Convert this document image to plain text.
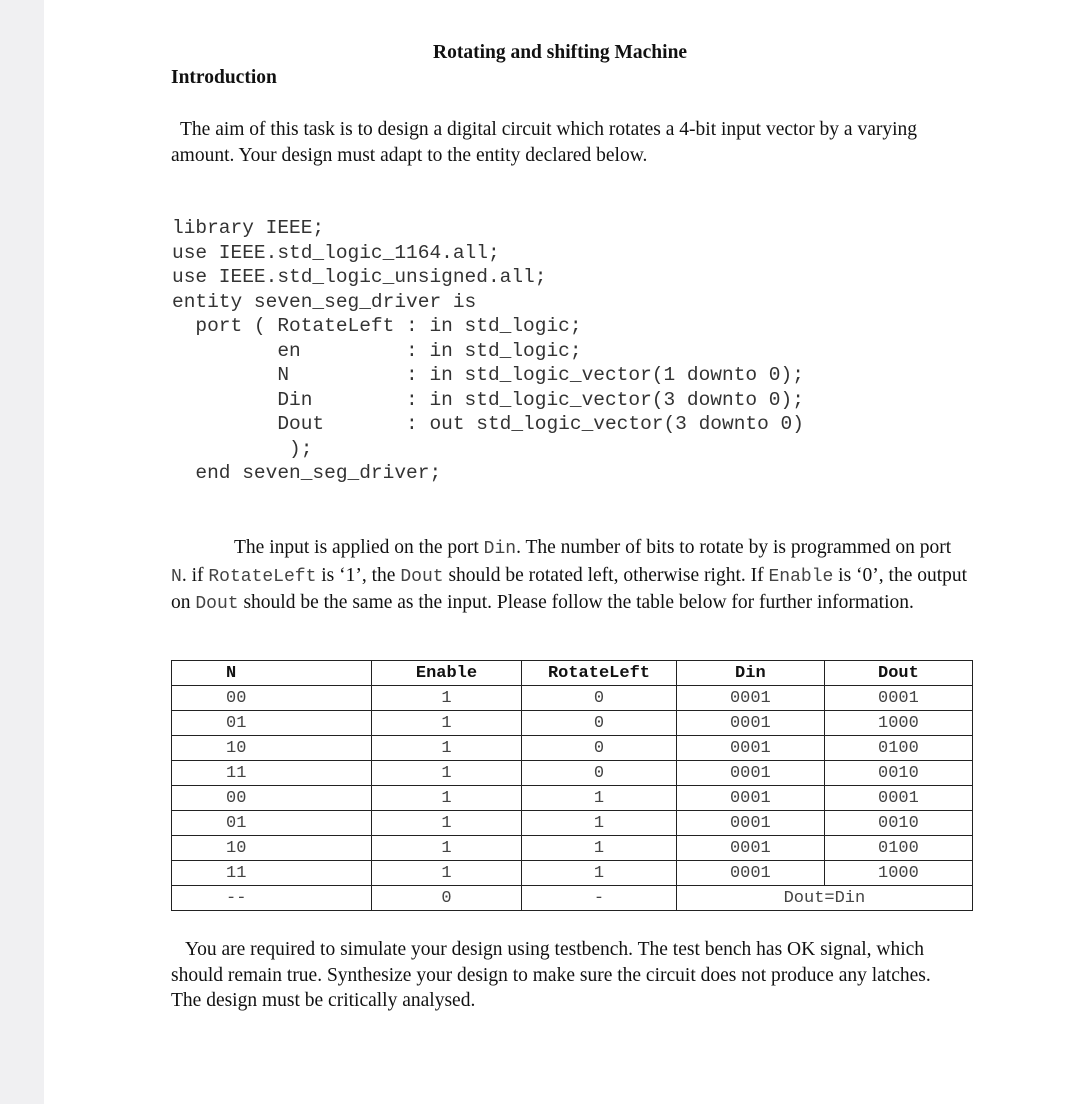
Rotating and shifting Machine
Introduction
The aim of this task is to design a digital circuit which rotates a 4-bit input vector by a varying amount. Your design must adapt to the entity declared below.
library IEEE;
use IEEE.std_logic_1164.all;
use IEEE.std_logic_unsigned.all;
entity seven_seg_driver is
port ( RotateLeft : in std_logic;
en         : in std_logic;
N          : in std_logic_vector(1 downto 0);
Din        : in std_logic_vector(3 downto 0);
Dout       : out std_logic_vector(3 downto 0)
);
end seven_seg_driver;
The input is applied on the port Din. The number of bits to rotate by is programmed on port N. if RotateLeft is ‘1’, the Dout should be rotated left, otherwise right. If Enable is ‘0’, the output on Dout should be the same as the input. Please follow the table below for further information.
N	Enable	RotateLeft	Din	Dout
00	1	0	0001	0001
01	1	0	0001	1000
10	1	0	0001	0100
11	1	0	0001	0010
00	1	1	0001	0001
01	1	1	0001	0010
10	1	1	0001	0100
11	1	1	0001	1000
--	0	-	Dout=Din	
You are required to simulate your design using testbench. The test bench has OK signal, which should remain true. Synthesize your design to make sure the circuit does not produce any latches. The design must be critically analysed.
